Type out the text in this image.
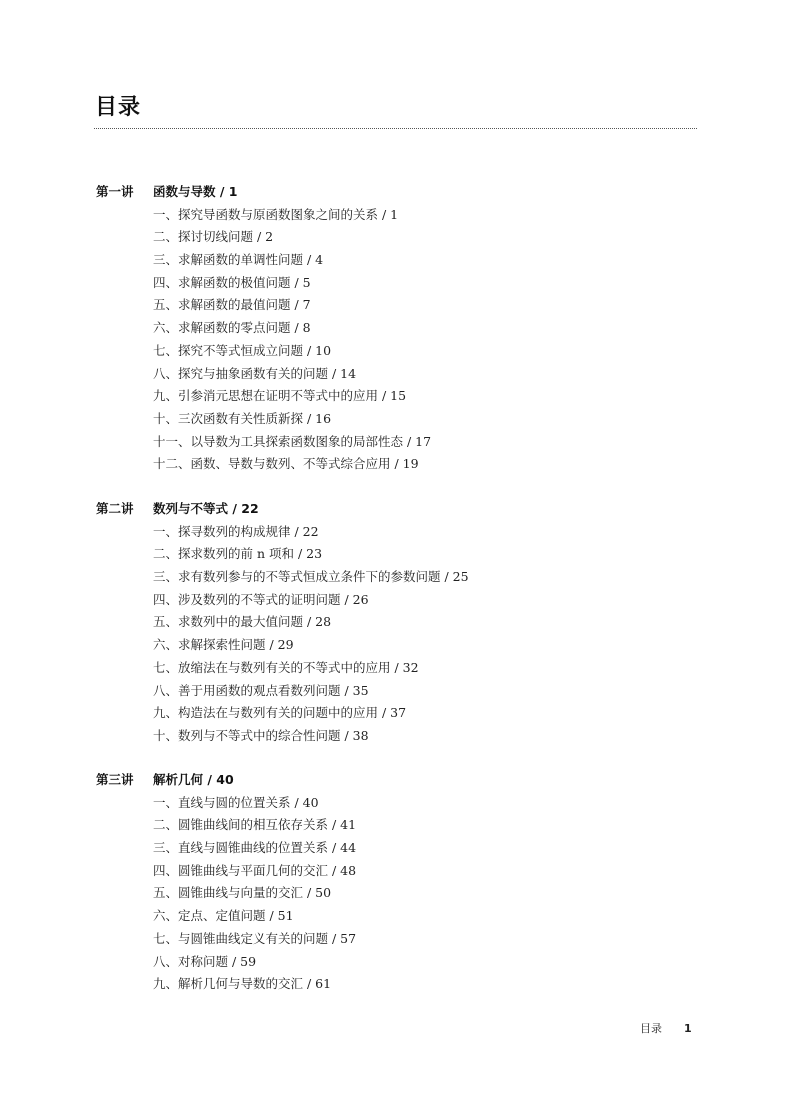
目录
第一讲 函数与导数 / 1
一、探究导函数与原函数图象之间的关系 / 1
二、探讨切线问题 / 2
三、求解函数的单调性问题 / 4
四、求解函数的极值问题 / 5
五、求解函数的最值问题 / 7
六、求解函数的零点问题 / 8
七、探究不等式恒成立问题 / 10
八、探究与抽象函数有关的问题 / 14
九、引参消元思想在证明不等式中的应用 / 15
十、三次函数有关性质新探 / 16
十一、以导数为工具探索函数图象的局部性态 / 17
十二、函数、导数与数列、不等式综合应用 / 19
第二讲 数列与不等式 / 22
一、探寻数列的构成规律 / 22
二、探求数列的前 n 项和 / 23
三、求有数列参与的不等式恒成立条件下的参数问题 / 25
四、涉及数列的不等式的证明问题 / 26
五、求数列中的最大值问题 / 28
六、求解探索性问题 / 29
七、放缩法在与数列有关的不等式中的应用 / 32
八、善于用函数的观点看数列问题 / 35
九、构造法在与数列有关的问题中的应用 / 37
十、数列与不等式中的综合性问题 / 38
第三讲 解析几何 / 40
一、直线与圆的位置关系 / 40
二、圆锥曲线间的相互依存关系 / 41
三、直线与圆锥曲线的位置关系 / 44
四、圆锥曲线与平面几何的交汇 / 48
五、圆锥曲线与向量的交汇 / 50
六、定点、定值问题 / 51
七、与圆锥曲线定义有关的问题 / 57
八、对称问题 / 59
九、解析几何与导数的交汇 / 61
目录 1
